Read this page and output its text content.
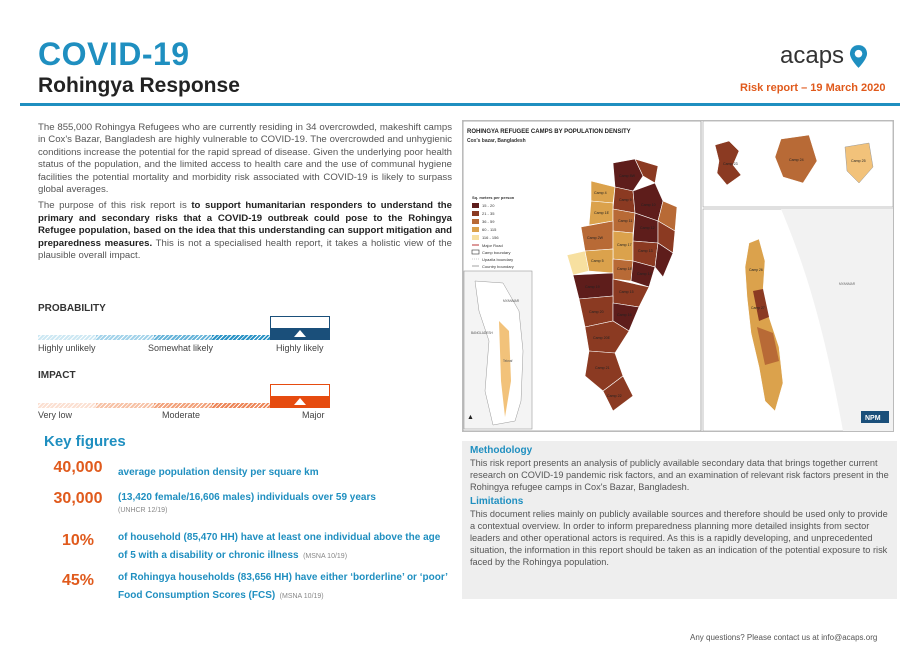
COVID-19
Rohingya Response
acaps
Risk report – 19 March 2020

The 855,000 Rohingya Refugees who are currently residing in 34 overcrowded, makeshift camps in Cox's Bazar, Bangladesh are highly vulnerable to COVID-19. The overcrowded and unhygienic conditions increase the potential for the rapid spread of disease. Given the underlying poor health status of the population, and the limited access to health care and the use of communal hygiene facilities the potential mortality and morbidity risk associated with COVID-19 is likely to surpass global averages.

The purpose of this risk report is to support humanitarian responders to understand the primary and secondary risks that a COVID-19 outbreak could pose to the Rohingya Refugee population, based on the idea that this understanding can support mitigation and preparedness measures. This is not a specialised health report, it takes a holistic view of the plausible overall impact.

PROBABILITY
Highly unlikely	Somewhat likely	Highly likely
IMPACT
Very low	Moderate	Major
ROHINGYA REFUGEE CAMPS BY POPULATION DENSITY
Cox's bazar, Bangladesh
Sq. meters per person
15 - 20
21 - 35
36 - 59
60 - 115
116 - 156
Major Road
Camp boundary
Upazila boundary
Country boundary
Camp 8W
Camp 4
Camp 9
Camp 10
Camp 1E
Camp 11
Camp 12
Camp 2W
Camp 17
Camp 13
Camp 5
Camp 18
Camp 14
Camp 19
Camp 15
Camp 20
Camp 16
Camp 20E
Camp 21
Camp 22
MYANMAR
BANGLADESH
Teknaf
▲
Camp 23
Camp 24	Camp 25
MYANMAR
Camp 26
Camp 27
NPM
Key figures
40,000	average population density per square km
30,000	(13,420 female/16,606 males) individuals over 59 years
(UNHCR 12/19)
10%	of household (85,470 HH) have at least one individual above the age of 5 with a disability or chronic illness (MSNA 10/19)
45%	of Rohingya households (83,656 HH) have either ‘borderline’ or ‘poor’ Food Consumption Scores (FCS) (MSNA 10/19)
Methodology

This risk report presents an analysis of publicly available secondary data that brings together current research on COVID-19 pandemic risk factors, and an examination of relevant risk factors present in the Rohingya refugee camps in Cox's Bazar, Bangladesh.

Limitations

This document relies mainly on publicly available sources and therefore should be used only to provide a contextual overview. In order to inform preparedness planning more detailed insights from sector leaders and other operational actors is required. As this is a rapidly developing, and unprecedented situation, the information in this report should be taken as an indication of the potential exposure to risk faced by the Rohingya population.

Any questions? Please contact us at info@acaps.org
